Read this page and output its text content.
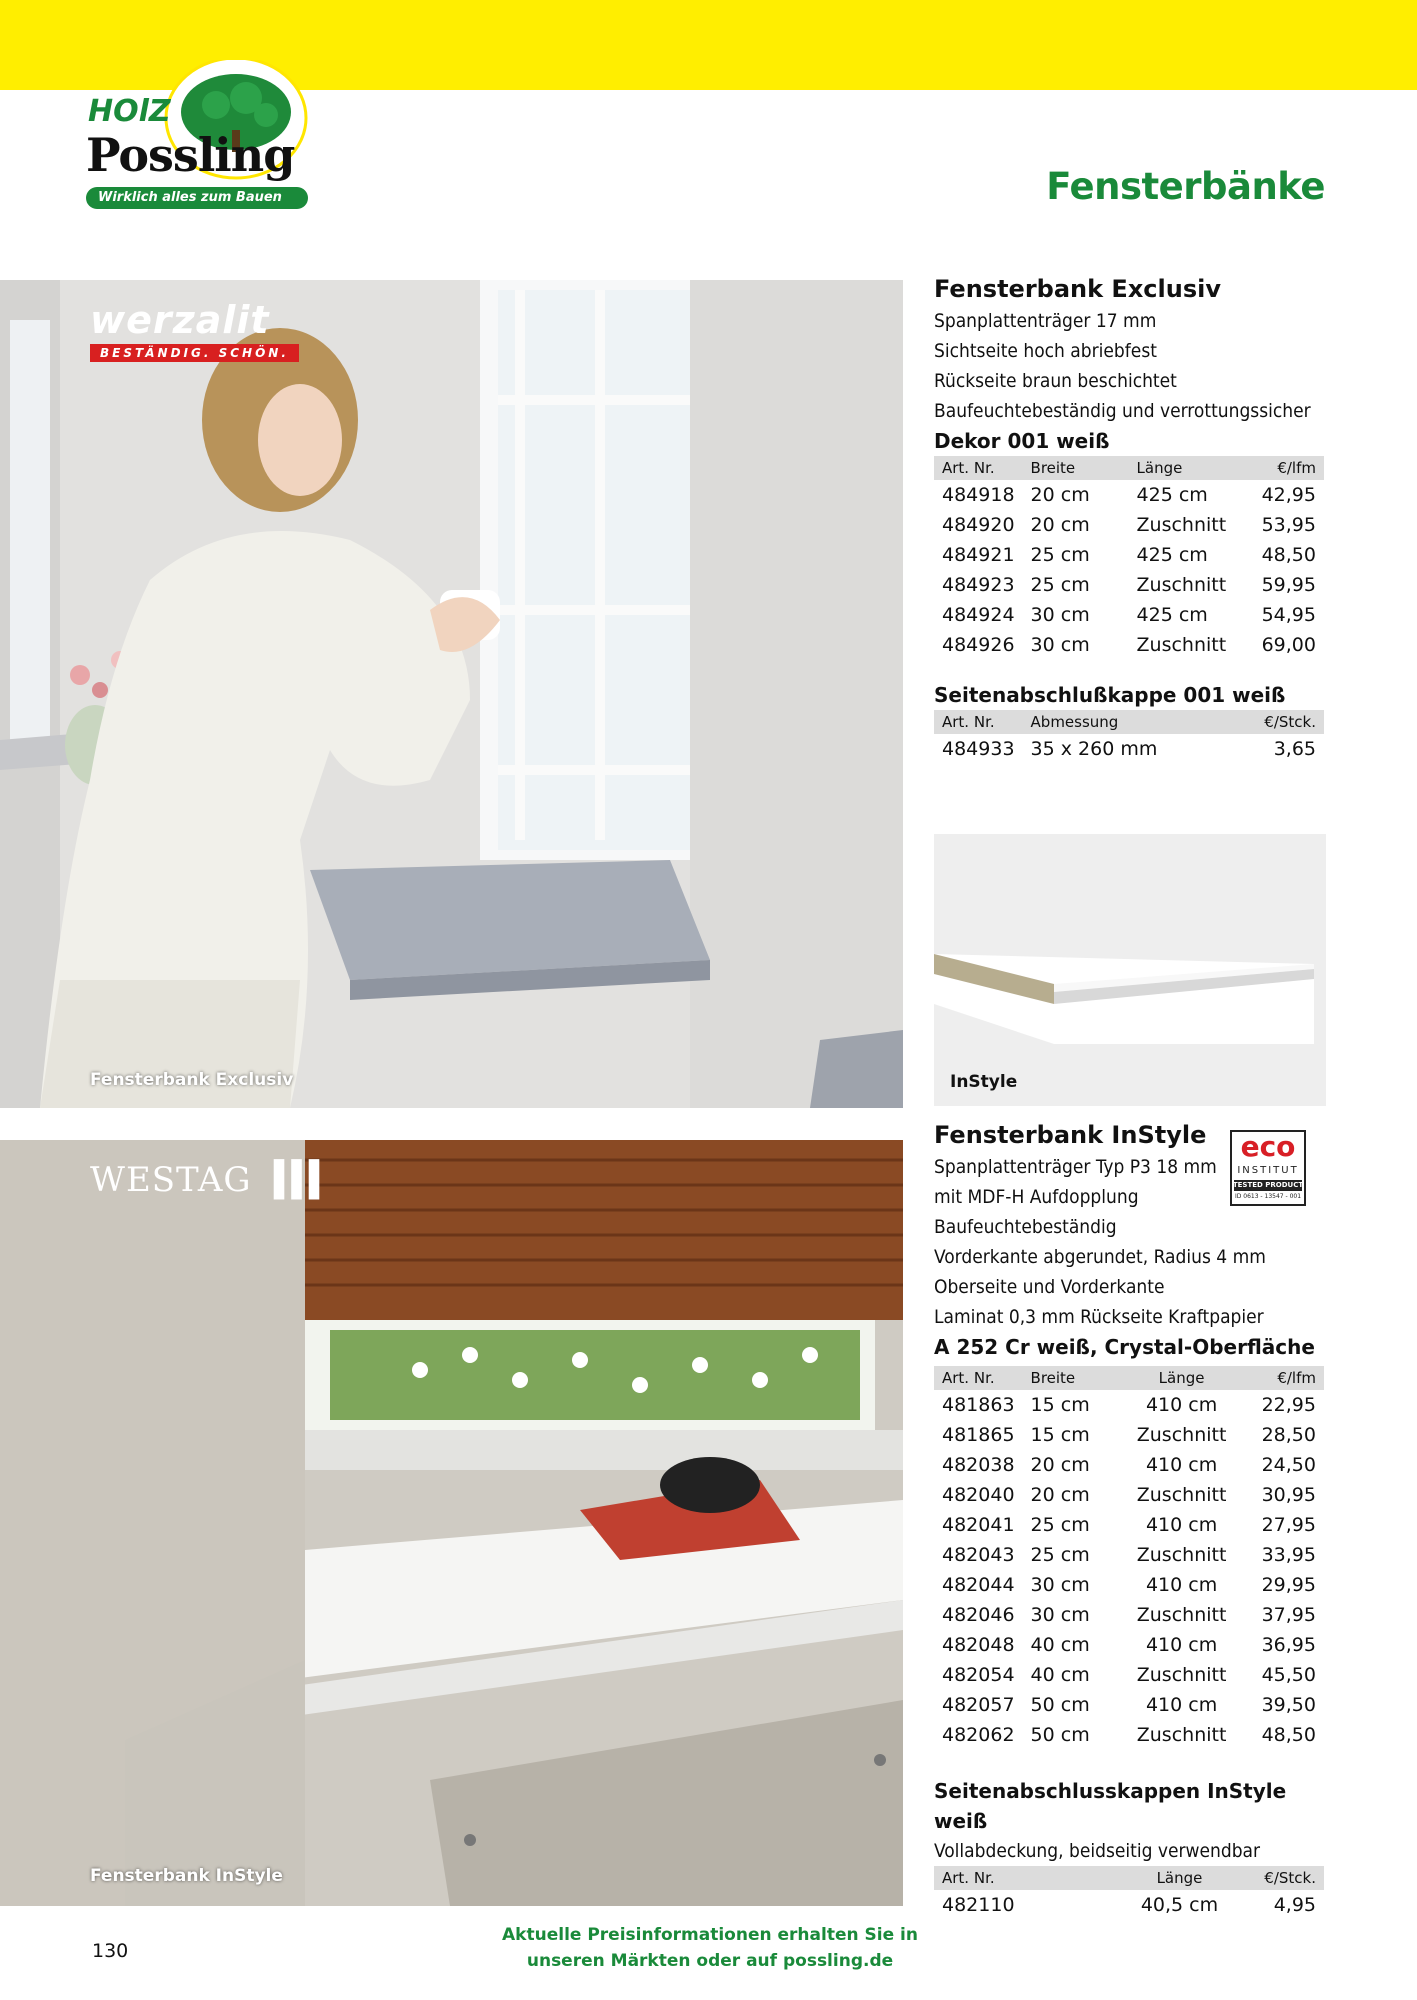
HOlZ
Possling
Wirklich alles zum Bauen	Fensterbänke
werzalit
BESTÄNDIG. SCHÖN.
Fensterbank Exclusiv
WESTAG ▐▐▐
Fensterbank InStyle
InStyle
Fensterbank Exclusiv
Spanplattenträger 17 mm
Sichtseite hoch abriebfest
Rückseite braun beschichtet
Baufeuchtebeständig und verrottungssicher
Dekor 001 weiß
Art. Nr.	Breite	Länge	€/lfm
484918	20 cm	425 cm	42,95
484920	20 cm	Zuschnitt	53,95
484921	25 cm	425 cm	48,50
484923	25 cm	Zuschnitt	59,95
484924	30 cm	425 cm	54,95
484926	30 cm	Zuschnitt	69,00
Seitenabschlußkappe 001 weiß
Art. Nr.	Abmessung		€/Stck.
484933	35 x 260 mm		3,65
Fensterbank InStyle
Spanplattenträger Typ P3 18 mm
mit MDF-H Aufdopplung
Baufeuchtebeständig
Vorderkante abgerundet, Radius 4 mm
Oberseite und Vorderkante
Laminat 0,3 mm Rückseite Kraftpapier
A 252 Cr weiß, Crystal-Oberfläche
Art. Nr.	Breite	Länge	€/lfm
481863	15 cm	410 cm	22,95
481865	15 cm	Zuschnitt	28,50
482038	20 cm	410 cm	24,50
482040	20 cm	Zuschnitt	30,95
482041	25 cm	410 cm	27,95
482043	25 cm	Zuschnitt	33,95
482044	30 cm	410 cm	29,95
482046	30 cm	Zuschnitt	37,95
482048	40 cm	410 cm	36,95
482054	40 cm	Zuschnitt	45,50
482057	50 cm	410 cm	39,50
482062	50 cm	Zuschnitt	48,50
Seitenabschlusskappen InStyle weiß
Vollabdeckung, beidseitig verwendbar
Art. Nr.		Länge	€/Stck.
482110		40,5 cm	4,95
eco
INSTITUT
TESTED PRODUCT
ID 0613 - 13547 - 001
130
Aktuelle Preisinformationen erhalten Sie in
unseren Märkten oder auf possling.de
